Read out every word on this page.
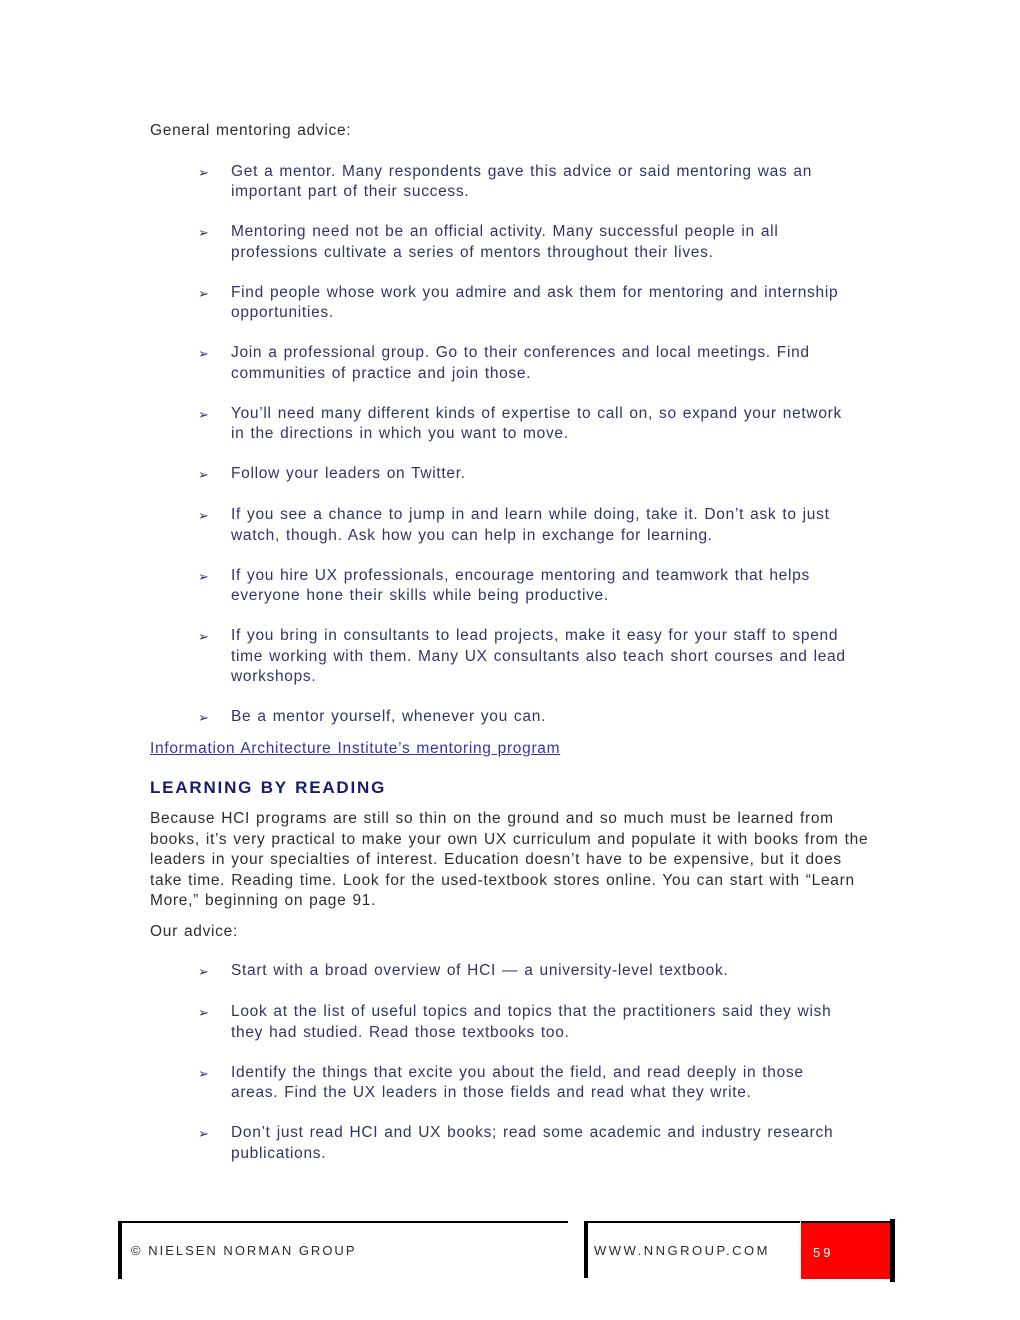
General mentoring advice:
➢	Get a mentor. Many respondents gave this advice or said mentoring was an important part of their success.
➢	Mentoring need not be an official activity. Many successful people in all professions cultivate a series of mentors throughout their lives.
➢	Find people whose work you admire and ask them for mentoring and internship opportunities.
➢	Join a professional group. Go to their conferences and local meetings. Find communities of practice and join those.
➢	You’ll need many different kinds of expertise to call on, so expand your network in the directions in which you want to move.
➢	Follow your leaders on Twitter.
➢	If you see a chance to jump in and learn while doing, take it. Don’t ask to just watch, though. Ask how you can help in exchange for learning.
➢	If you hire UX professionals, encourage mentoring and teamwork that helps everyone hone their skills while being productive.
➢	If you bring in consultants to lead projects, make it easy for your staff to spend time working with them. Many UX consultants also teach short courses and lead workshops.
➢	Be a mentor yourself, whenever you can.
Information Architecture Institute’s mentoring program
LEARNING BY READING
Because HCI programs are still so thin on the ground and so much must be learned from books, it’s very practical to make your own UX curriculum and populate it with books from the leaders in your specialties of interest. Education doesn’t have to be expensive, but it does take time. Reading time. Look for the used-textbook stores online. You can start with “Learn More,” beginning on page 91.
Our advice:
➢	Start with a broad overview of HCI — a university-level textbook.
➢	Look at the list of useful topics and topics that the practitioners said they wish they had studied. Read those textbooks too.
➢	Identify the things that excite you about the field, and read deeply in those areas. Find the UX leaders in those fields and read what they write.
➢	Don’t just read HCI and UX books; read some academic and industry research publications.
© NIELSEN NORMAN GROUP	WWW.NNGROUP.COM	59
